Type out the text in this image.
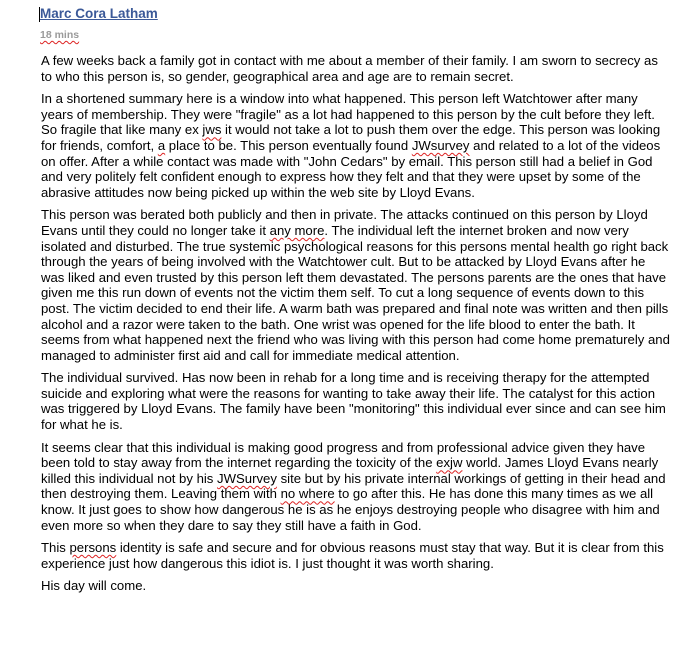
Marc Cora Latham
18 mins

A few weeks back a family got in contact with me about a member of their family. I am sworn to secrecy as to who this person is, so gender, geographical area and age are to remain secret.

In a shortened summary here is a window into what happened. This person left Watchtower after many years of membership. They were "fragile" as a lot had happened to this person by the cult before they left. So fragile that like many ex jws it would not take a lot to push them over the edge. This person was looking for friends, comfort, a place to be. This person eventually found JWsurvey and related to a lot of the videos on offer. After a while contact was made with "John Cedars" by email. This person still had a belief in God and very politely felt confident enough to express how they felt and that they were upset by some of the abrasive attitudes now being picked up within the web site by Lloyd Evans.

This person was berated both publicly and then in private. The attacks continued on this person by Lloyd Evans until they could no longer take it any more. The individual left the internet broken and now very isolated and disturbed. The true systemic psychological reasons for this persons mental health go right back through the years of being involved with the Watchtower cult. But to be attacked by Lloyd Evans after he was liked and even trusted by this person left them devastated. The persons parents are the ones that have given me this run down of events not the victim them self. To cut a long sequence of events down to this post. The victim decided to end their life. A warm bath was prepared and final note was written and then pills alcohol and a razor were taken to the bath. One wrist was opened for the life blood to enter the bath. It seems from what happened next the friend who was living with this person had come home prematurely and managed to administer first aid and call for immediate medical attention.

The individual survived. Has now been in rehab for a long time and is receiving therapy for the attempted suicide and exploring what were the reasons for wanting to take away their life. The catalyst for this action was triggered by Lloyd Evans. The family have been "monitoring" this individual ever since and can see him for what he is.

It seems clear that this individual is making good progress and from professional advice given they have been told to stay away from the internet regarding the toxicity of the exjw world. James Lloyd Evans nearly killed this individual not by his JWSurvey site but by his private internal workings of getting in their head and then destroying them. Leaving them with no where to go after this. He has done this many times as we all know. It just goes to show how dangerous he is as he enjoys destroying people who disagree with him and even more so when they dare to say they still have a faith in God.

This persons identity is safe and secure and for obvious reasons must stay that way. But it is clear from this experience just how dangerous this idiot is. I just thought it was worth sharing.

His day will come.
